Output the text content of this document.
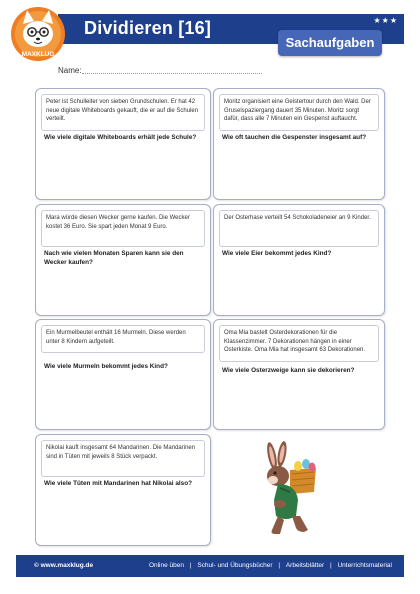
MAXKLUG
Dividieren [16]	★★★
Sachaufgaben
Name:
Peter ist Schulleiter von sieben Grundschulen. Er hat 42 neue digitale Whiteboards gekauft, die er auf die Schulen verteilt.
Wie viele digitale Whiteboards erhält jede Schule?
Moritz organisiert eine Geistertour durch den Wald. Der Gruselspaziergang dauert 35 Minuten. Moritz sorgt dafür, dass alle 7 Minuten ein Gespenst auftaucht.
Wie oft tauchen die Gespenster insgesamt auf?
Mara würde diesen Wecker gerne kaufen. Die Wecker kostet 36 Euro. Sie spart jeden Monat 9 Euro.
Nach wie vielen Monaten Sparen kann sie den Wecker kaufen?
Der Osterhase verteilt 54 Schokoladeneier an 9 Kinder.
Wie viele Eier bekommt jedes Kind?
Ein Murmelbeutel enthält 16 Murmeln. Diese werden unter 8 Kindern aufgeteilt.
Wie viele Murmeln bekommt jedes Kind?
Oma Mia bastelt Osterdekorationen für die Klassenzimmer. 7 Dekorationen hängen in einer Osterkiste. Oma Mia hat insgesamt 63 Dekorationen.
Wie viele Osterzweige kann sie dekorieren?
Nikolai kauft insgesamt 64 Mandarinen. Die Mandarinen sind in Tüten mit jeweils 8 Stück verpackt.
Wie viele Tüten mit Mandarinen hat Nikolai also?
© www.maxklug.de	Online üben | Schul- und Übungsbücher | Arbeitsblätter | Unterrichtsmaterial
